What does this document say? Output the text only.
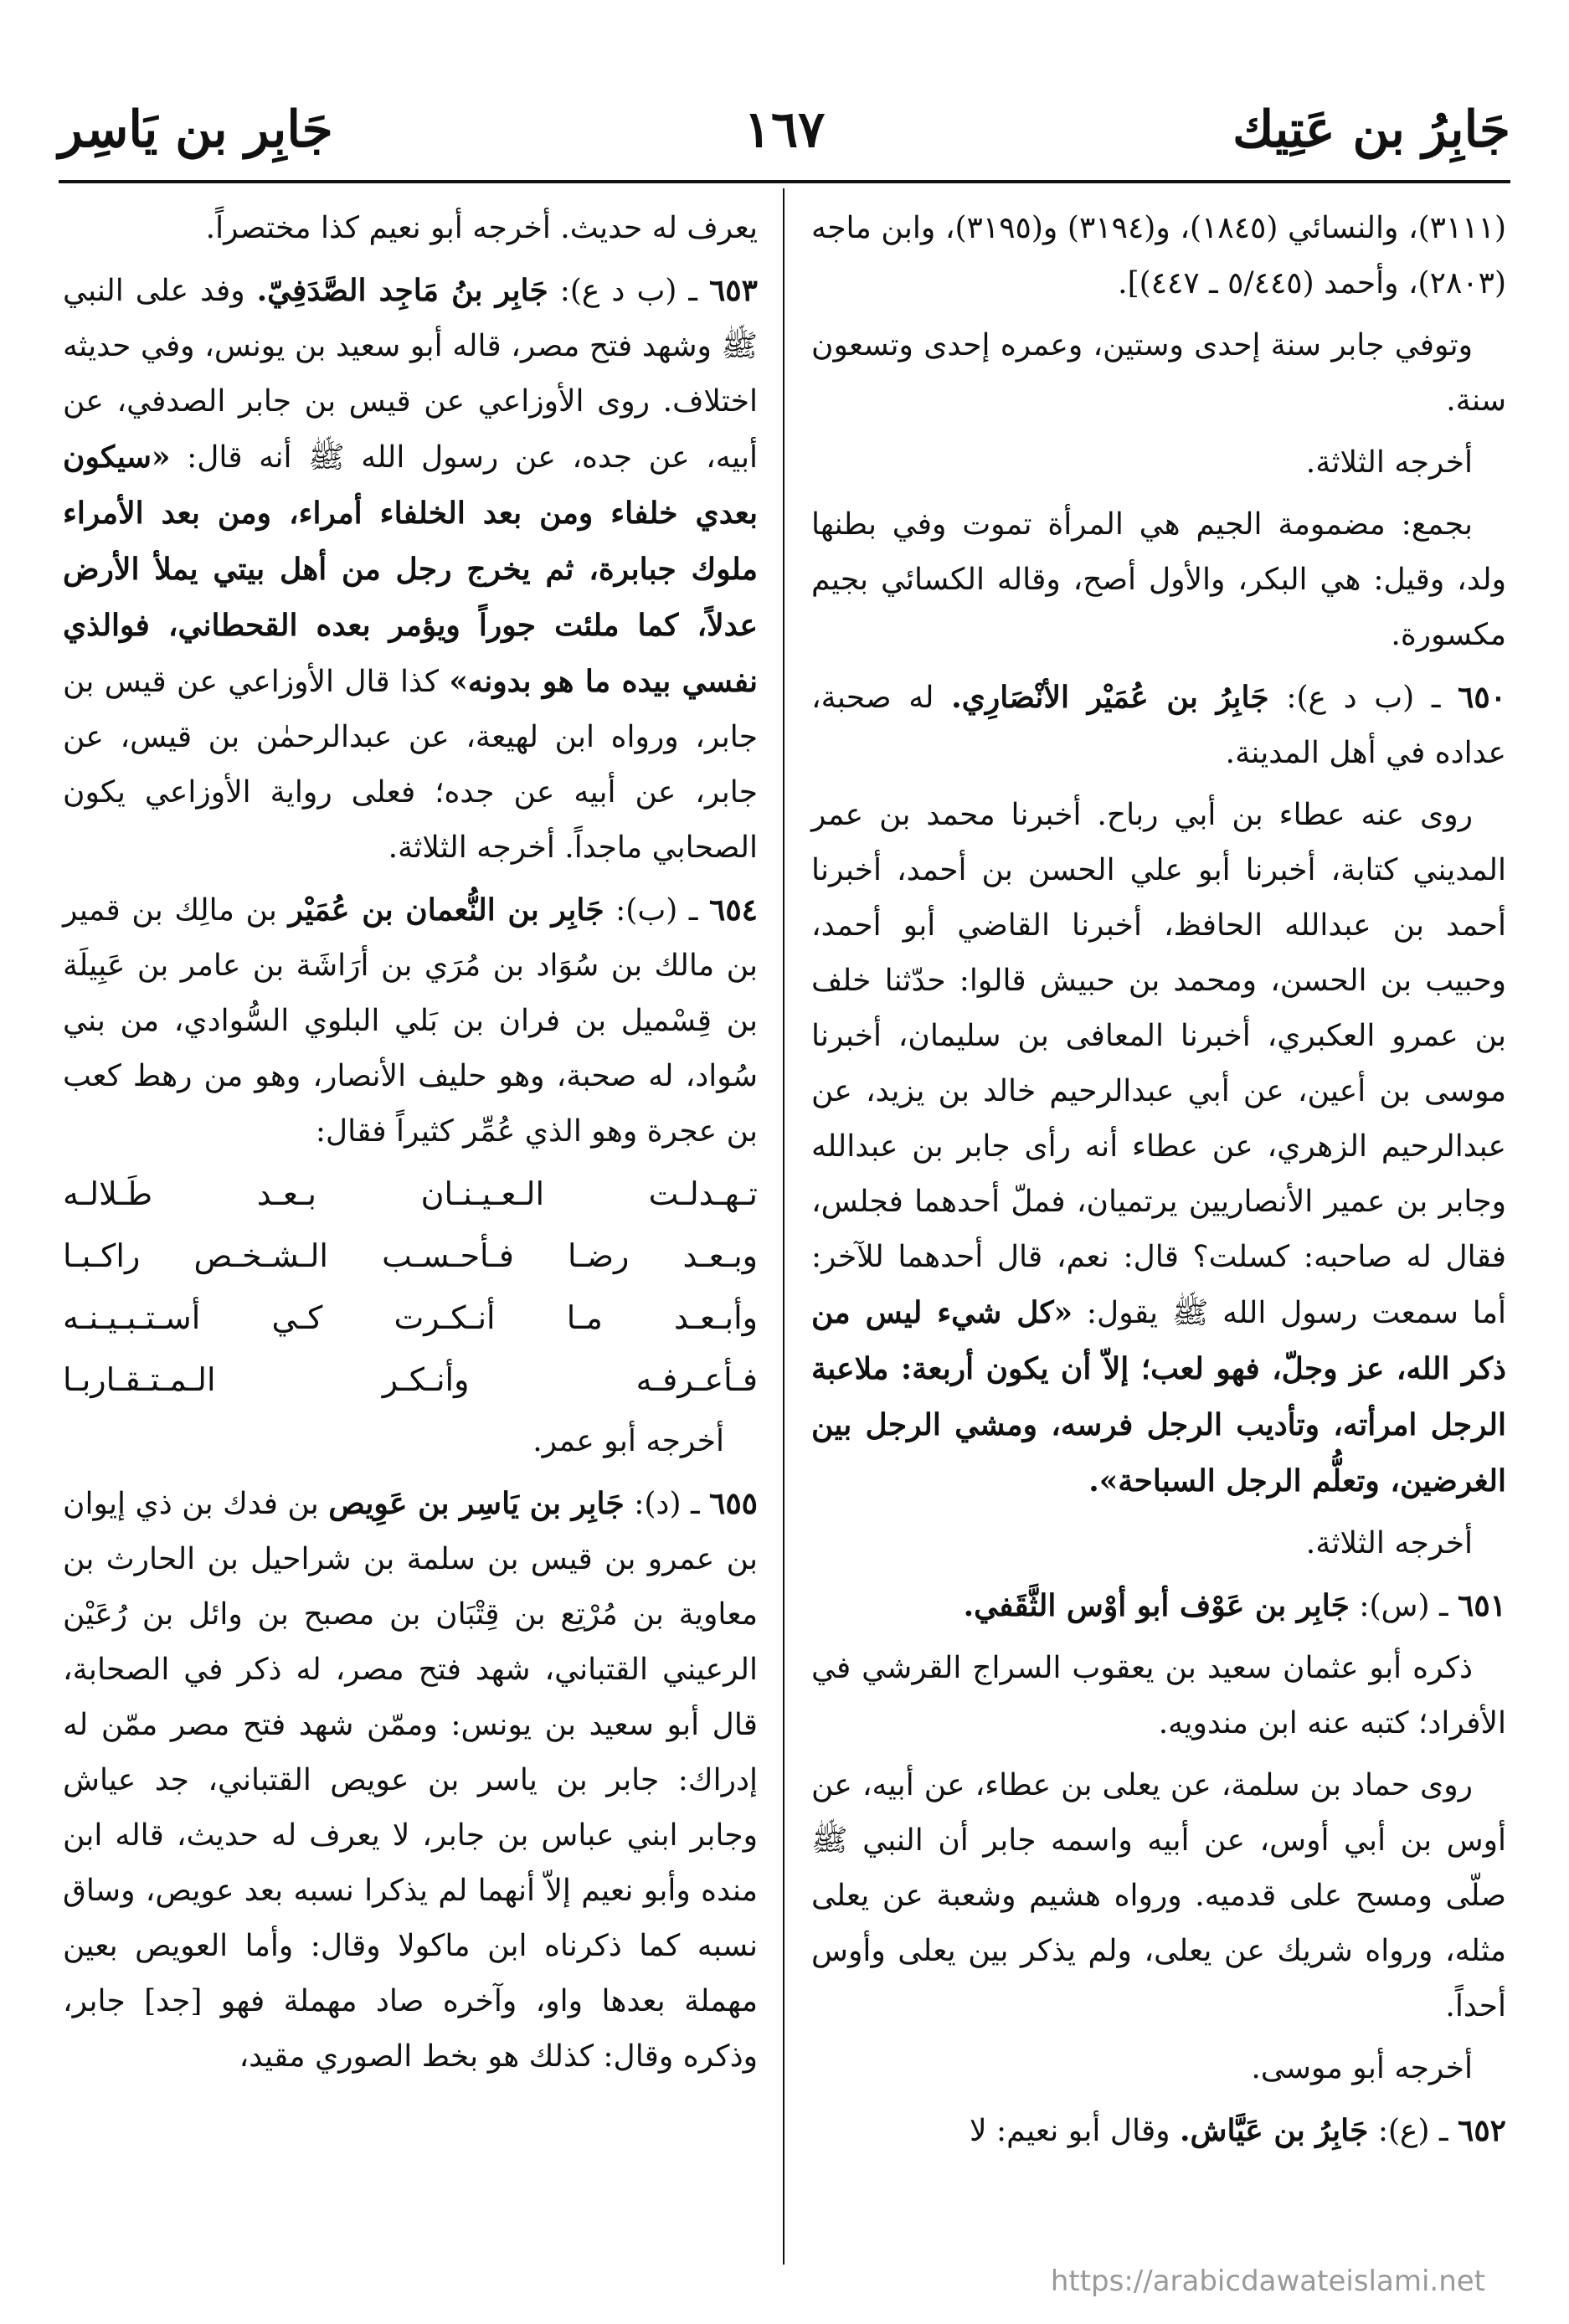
جَابِرُ بن عَتِيك
١٦٧
جَابِر بن يَاسِر

(٣١١١)، والنسائي (١٨٤٥)، و(٣١٩٤) و(٣١٩٥)، وابن ماجه (٢٨٠٣)، وأحمد (٥/٤٤٥ ـ ٤٤٧)].

وتوفي جابر سنة إحدى وستين، وعمره إحدى وتسعون سنة.

أخرجه الثلاثة.

بجمع: مضمومة الجيم هي المرأة تموت وفي بطنها ولد، وقيل: هي البكر، والأول أصح، وقاله الكسائي بجيم مكسورة.

٦٥٠ ـ (ب د ع): جَابِرُ بن عُمَيْر الأنْصَارِي. له صحبة، عداده في أهل المدينة.

روى عنه عطاء بن أبي رباح. أخبرنا محمد بن عمر المديني كتابة، أخبرنا أبو علي الحسن بن أحمد، أخبرنا أحمد بن عبدالله الحافظ، أخبرنا القاضي أبو أحمد، وحبيب بن الحسن، ومحمد بن حبيش قالوا: حدّثنا خلف بن عمرو العكبري، أخبرنا المعافى بن سليمان، أخبرنا موسى بن أعين، عن أبي عبدالرحيم خالد بن يزيد، عن عبدالرحيم الزهري، عن عطاء أنه رأى جابر بن عبدالله وجابر بن عمير الأنصاريين يرتميان، فملّ أحدهما فجلس، فقال له صاحبه: كسلت؟ قال: نعم، قال أحدهما للآخر: أما سمعت رسول الله ﷺ يقول: «كل شيء ليس من ذكر الله، عز وجلّ، فهو لعب؛ إلاّ أن يكون أربعة: ملاعبة الرجل امرأته، وتأديب الرجل فرسه، ومشي الرجل بين الغرضين، وتعلُّم الرجل السباحة».

أخرجه الثلاثة.

٦٥١ ـ (س): جَابِر بن عَوْف أبو أوْس الثَّقَفي.

ذكره أبو عثمان سعيد بن يعقوب السراج القرشي في الأفراد؛ كتبه عنه ابن مندويه.

روى حماد بن سلمة، عن يعلى بن عطاء، عن أبيه، عن أوس بن أبي أوس، عن أبيه واسمه جابر أن النبي ﷺ صلّى ومسح على قدميه. ورواه هشيم وشعبة عن يعلى مثله، ورواه شريك عن يعلى، ولم يذكر بين يعلى وأوس أحداً.

أخرجه أبو موسى.

٦٥٢ ـ (ع): جَابِرُ بن عَيَّاش. وقال أبو نعيم: لا

يعرف له حديث. أخرجه أبو نعيم كذا مختصراً.

٦٥٣ ـ (ب د ع): جَابِر بنُ مَاجِد الصَّدَفِيّ. وفد على النبي ﷺ وشهد فتح مصر، قاله أبو سعيد بن يونس، وفي حديثه اختلاف. روى الأوزاعي عن قيس بن جابر الصدفي، عن أبيه، عن جده، عن رسول الله ﷺ أنه قال: «سيكون بعدي خلفاء ومن بعد الخلفاء أمراء، ومن بعد الأمراء ملوك جبابرة، ثم يخرج رجل من أهل بيتي يملأ الأرض عدلاً، كما ملئت جوراً ويؤمر بعده القحطاني، فوالذي نفسي بيده ما هو بدونه» كذا قال الأوزاعي عن قيس بن جابر، ورواه ابن لهيعة، عن عبدالرحمٰن بن قيس، عن جابر، عن أبيه عن جده؛ فعلى رواية الأوزاعي يكون الصحابي ماجداً. أخرجه الثلاثة.

٦٥٤ ـ (ب): جَابِر بن النُّعمان بن عُمَيْر بن مالِك بن قمير بن مالك بن سُوَاد بن مُرَي بن أرَاشَة بن عامر بن عَبِيلَة بن قِسْميل بن فران بن بَلي البلوي السُّوادي، من بني سُواد، له صحبة، وهو حليف الأنصار، وهو من رهط كعب بن عجرة وهو الذي عُمِّر كثيراً فقال:

تـهـدلـت الـعـيـنـان بـعـد طَـلالـه

وبـعـد رضـا فـأحـسـب الـشـخـص راكـبـا

وأبـعـد مـا أنـكـرت كـي أسـتـبـيـنـه

فـأعـرفـه وأنـكـر الـمـتـقـاربـا

أخرجه أبو عمر.

٦٥٥ ـ (د): جَابِر بن يَاسِر بن عَوِيص بن فدك بن ذي إيوان بن عمرو بن قيس بن سلمة بن شراحيل بن الحارث بن معاوية بن مُرْتِع بن قِتْبَان بن مصبح بن وائل بن رُعَيْن الرعيني القتباني، شهد فتح مصر، له ذكر في الصحابة، قال أبو سعيد بن يونس: وممّن شهد فتح مصر ممّن له إدراك: جابر بن ياسر بن عويص القتباني، جد عياش وجابر ابني عباس بن جابر، لا يعرف له حديث، قاله ابن منده وأبو نعيم إلاّ أنهما لم يذكرا نسبه بعد عويص، وساق نسبه كما ذكرناه ابن ماكولا وقال: وأما العويص بعين مهملة بعدها واو، وآخره صاد مهملة فهو [جد] جابر، وذكره وقال: كذلك هو بخط الصوري مقيد،

https://arabicdawateislami.net
